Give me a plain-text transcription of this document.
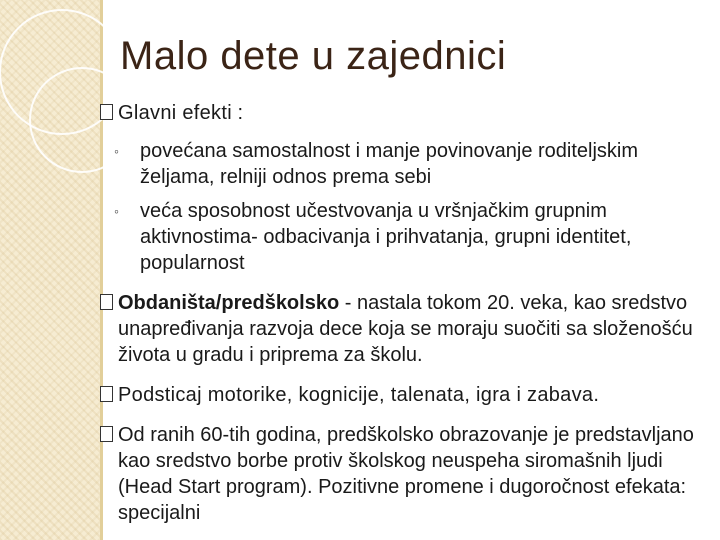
Malo dete u zajednici

Glavni efekti :

◦ povećana samostalnost i manje povinovanje roditeljskim željama, relniji odnos prema sebi

◦ veća sposobnost učestvovanja u vršnjačkim grupnim aktivnostima- odbacivanja i prihvatanja, grupni identitet, popularnost

Obdaništa/predškolsko - nastala tokom 20. veka, kao sredstvo unapređivanja razvoja dece koja se moraju suočiti sa složenošću života u gradu i priprema za školu.

Podsticaj motorike, kognicije, talenata, igra i zabava.

Od ranih 60-tih godina, predškolsko obrazovanje je predstavljano kao sredstvo borbe protiv školskog neuspeha siromašnih ljudi (Head Start program). Pozitivne promene i dugoročnost efekata: specijalni
